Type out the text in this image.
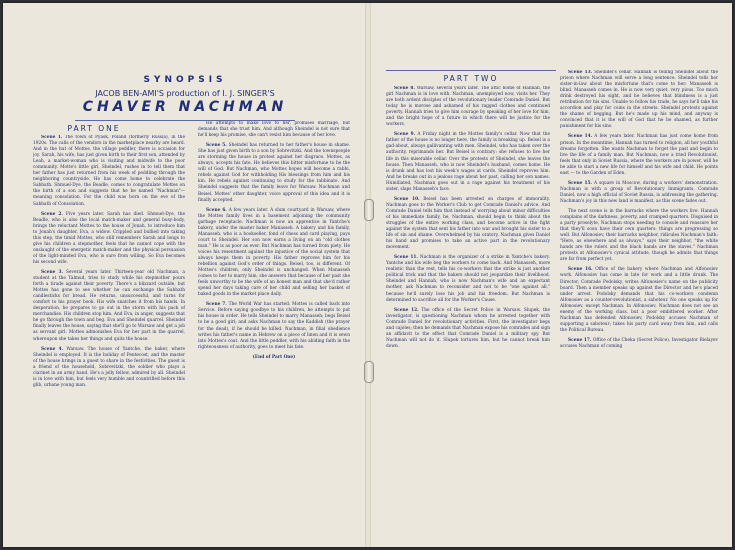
SYNOPSIS
JACOB BEN-AMI'S production of I. J. SINGER'S
CHAVER NACHMAN
PART ONE

Scene 1. The town of Pyask, Poland (formerly Russia), in the 1920s. The calls of the vendors in the marketplace nearby are heard. And in the hut of Mottes, the village peddler, there is occasion for joy. Sarah, his wife, has just given birth to their first son, attended by Leah, a market-woman who is visiting and midwife to the poor community. Motte's little girl, Sheindel, rushes in to tell them that her father has just returned from his week of peddling through the neighboring countryside. He has come home to celebrate the Sabbath. Shmuel-Dye, the Beadle, comes to congratulate Mottes on the birth of a son and suggests that he be named "Nachman"—meaning consolation. For the child was born on the eve of the Sabbath of Consolation.

Scene 2. Five years later. Sarah has died. Shmuel-Dye, the Beadle, who is also the local match-maker and general busy-body, brings the reluctant Mottes to the house of Jonah, to introduce him to Jonah's daughter, Eva, a widow. Crippled and bullied into taking this step, the timid Mottes, who still remembers Sarah and longs to give his children a stepmother, feels that he cannot cope with the onslaught of the energetic match-maker and the physical persuasion of the light-minded Eva, who is sure from willing. So Eva becomes his second wife.

Scene 3. Several years later. Thirteen-year old Nachman, a student at the Talmud, tries to study while his stepmother pours forth a tirade against their poverty. There's a blizzard outside, but Mottes has gone to see whether he can exchange the Sabbath candlesticks for bread. He returns, unsuccessful, and turns for comfort to his prayer book. His wife snatches it from his hands. In desperation, he prepares to go out in the storm with his pack of merchandise. His children stop him. And Eva, in anger, suggests that he go through the town and beg. Eva and Sheindel quarrel. Sheindel finally leaves the house, saying that she'll go to Warsaw and get a job as servant girl. Mottes admonishes Eva for her part in the quarrel, whereupon she takes her things and quits the house.

Scene 4. Warsaw. The house of Yantche, the baker, where Sheindel is employed. It is the holiday of Pentecost, and the master of the house brings in a guest to share in the festivities. The guest is a friend of the household, Sobrevitzki, the soldier who plays a clarinet in an army band. He's a jolly fellow, admired by all. Sheindel is in love with him, but feels very humble and countrified before this glib, urbane young man.

He attempts to make love to her, promises marriage, but demands that she trust him. And although Sheindel is not sure that he'll keep his promise, she can't resist him because of her love.

Scene 5. Sheindel has returned to her father's house in shame. She has just given birth to a son by Sobrevitzki. And the townspeople are storming the house in protest against her disgrace. Mottes, as always, accepts his fate. He believes this bitter misfortune to be the will of God. But Nachman, who Mottes hopes will become a rabbi, rebels against God for withholding His blessings from him and his kin. He rebels against continuing to study for the rabbinate. And Sheindel suggests that the family leave for Warsaw. Nachman and Beisel, Mottes' other daughter, voice approval of this idea and it is finally accepted.

Scene 6. A few years later. A slum courtyard in Warsaw, where the Mottes family lives in a basement adjoining the community garbage receptacle. Nachman is now an apprentice in Yantche's bakery, under the master baker Manasseh. A bakery and his family, Manasseh, who is a bookseller, fond of chess and card playing, pays court to Sheindel. Her son now earns a living on an "old clothes man." He is as poor as ever. But Nachman has turned from piety. He voices his resentment against the injustice of the social system that always keeps them in poverty. His father reproves him for his rebellion against God's order of things. Beisel, too, is different. Of Mottes's children, only Sheindel is unchanged. When Manasseh comes to her to marry him, she answers that because of her past she feels unworthy to be the wife of an honest man and that she'd rather spend her days taking care of her child and selling her basket of baked goods in the market place daily.

Scene 7. The World War has started. Mottes is called back into Service. Before saying goodbye to his children, he attempts to put his house in order. He tells Sheindel to marry Manasseh; begs Beisel to be a good girl; and asks Nachman to say the Kaddish (the prayer for the dead), if he should be killed. Nachman, in filial obedience writes his father's name in Hebrew on a piece of linen and it is sewn into Mottes's coat. And the little peddler, with his abiding faith in the righteousness of authority, goes to meet his fate.

(End of Part One)
PART TWO

Scene 8. Warsaw, several years later. The attic home of Hannah, the girl Nachman is in love with. Nachman, unemployed now, visits her. They are both ardent disciples of the revolutionary leader Comrade Daniel. But today he is morose and ashamed of his ragged clothes and continued poverty. Hannah tries to give him courage by speaking of her love for him, and the bright hope of a future in which there will be justice for the workers.

Scene 9. A Friday night in the Mottes family's cellar. Now that the father of the house is no longer here, the family is breaking up. Beisel is a gad-about, always gallivanting with men. Sheindel, who has taken over the authority, reprimands her. But Beisel is contrary: she refuses to live her life in this miserable cellar. Over the protests of Sheindel, she leaves the house. Then Manasseh, who is now Sheindel's husband, comes home. He is drunk and has lost his week's wages at cards. Sheindel reproves him. And he breaks out in a jealous rage about her past, calling her son names. Humiliated, Nachman goes out in a rage against his treatment of his sister, slaps Manasseh's face.

Scene 10. Beisel has been arrested on charges of immorality. Nachman goes to the Worker's Club to get Comrade Daniel's advice. And Comrade Daniel tells him that instead of worrying about minor difficulties of his immediate family, he, Nachman, should begin to think about the struggles of the entire working class, and become active in the fight against the system that sent his father into war and brought his sister to a life of sin and shame. Overwhelmed by his oratory, Nachman gives Daniel his hand and promises to take an active part in the revolutionary movement.

Scene 11. Nachman is the organizer of a strike in Yantche's bakery. Yantche and his wife beg the workers to come back. And Manasseh, more realistic than the rest, tells his co-workers that the strike is just another political trick and that the bakers should not jeopardize their livelihood. Sheindel and Hannah, who is now Nachman's wife and an expectant mother, ask Nachman to reconsider and not to be "one against all," because he'll surely lose his job and his freedom. But Nachman is determined to sacrifice all for the Worker's Cause.

Scene 12. The office of the Secret Police in Warsaw. Slupek, the investigator, is questioning Nachman whom he arrested together with Comrade Daniel for revolutionary activities. First, the investigator begs and cajoles; then he demands that Nachman expose his comrades and sign an affidavit to the effect that Comrade Daniel is a military spy. But Nachman will not do it. Slupek tortures him, but he cannot break him down.

Scene 13. Sheindel's cellar. Hannah is telling Sheindel about the prison where Nachman will serve a long sentence. Sheindel tells her sister-in-law about the misfortune that's come to her: Manasseh is blind. Manasseh comes in. He is now very quiet, very pious. Too much drink destroyed his sight, and he believes that blindness is a just retribution for his sins. Unable to follow his trade, he says he'll take his accordion and play for coins in the streets. Sheindel protests against the shame of begging. But he's made up his mind, and anyway is convinced that it is the will of God that he be shamed, as further punishment for his sins.

Scene 14. A few years later. Nachman has just come home from prison. In the meantime, Hannah has turned to religion, all her youthful dreams forgotten. She wants Nachman to forget the past and begin to live the life of a family man. But Nachman, now a tried Revolutionist, feels that only in Soviet Russia, where the workers are in power, will he be able to start a new life for himself and his wife and child. He points east — to the Garden of Eden.

Scene 15. A square in Moscow, during a workers' demonstration. Nachman is with a group of Revolutionary Immigrants. Comrade Daniel, now a high official of Soviet Russia, is addressing the gathering. Nachman's joy in this new land is manifest, as this scene fades out.

The next scene is in the barracks where the workers live. Hannah complains of the darkness, poverty, and cramped quarters. Disguised in a party proselyte, Nachman stops needing to console and reassure her that they'll soon have their own quarters: things are progressing so well. But Alfonosiev, their barracks neighbor, ridicules Nachman's faith: "Here, as elsewhere and as always," says their neighbor, "the white hands are the rulers and the black hands are the slaves." Nachman protests at Alfonosiev's cynical attitude, though he admits that things are far from perfect yet.

Scene 16. Office of the bakery where Nachman and Alfonosiev work. Alfonosiev has come in late for work and a little drunk. The Director, Comrade Podolsky, writes Alfonosiev's name on the publicity board. Then a member speaks up against the Director and he's placed under arrest. Podolsky demands that his co-workers condemn Alfonosiev as a counter-revolutionist, a saboteur. No one speaks up for Alfonosiev, except Nachman. In Alfonosiev, Nachman does not see an enemy of the working class, but a poor embittered worker. After Nachman has defended Alfonosiev, Podolsky accuses Nachman of supporting a saboteur; takes his party card away from him, and calls the Political Bureau.

Scene 17. Office of the Cheka (Secret Police). Investigator Bielayev accuses Nachman of coming
